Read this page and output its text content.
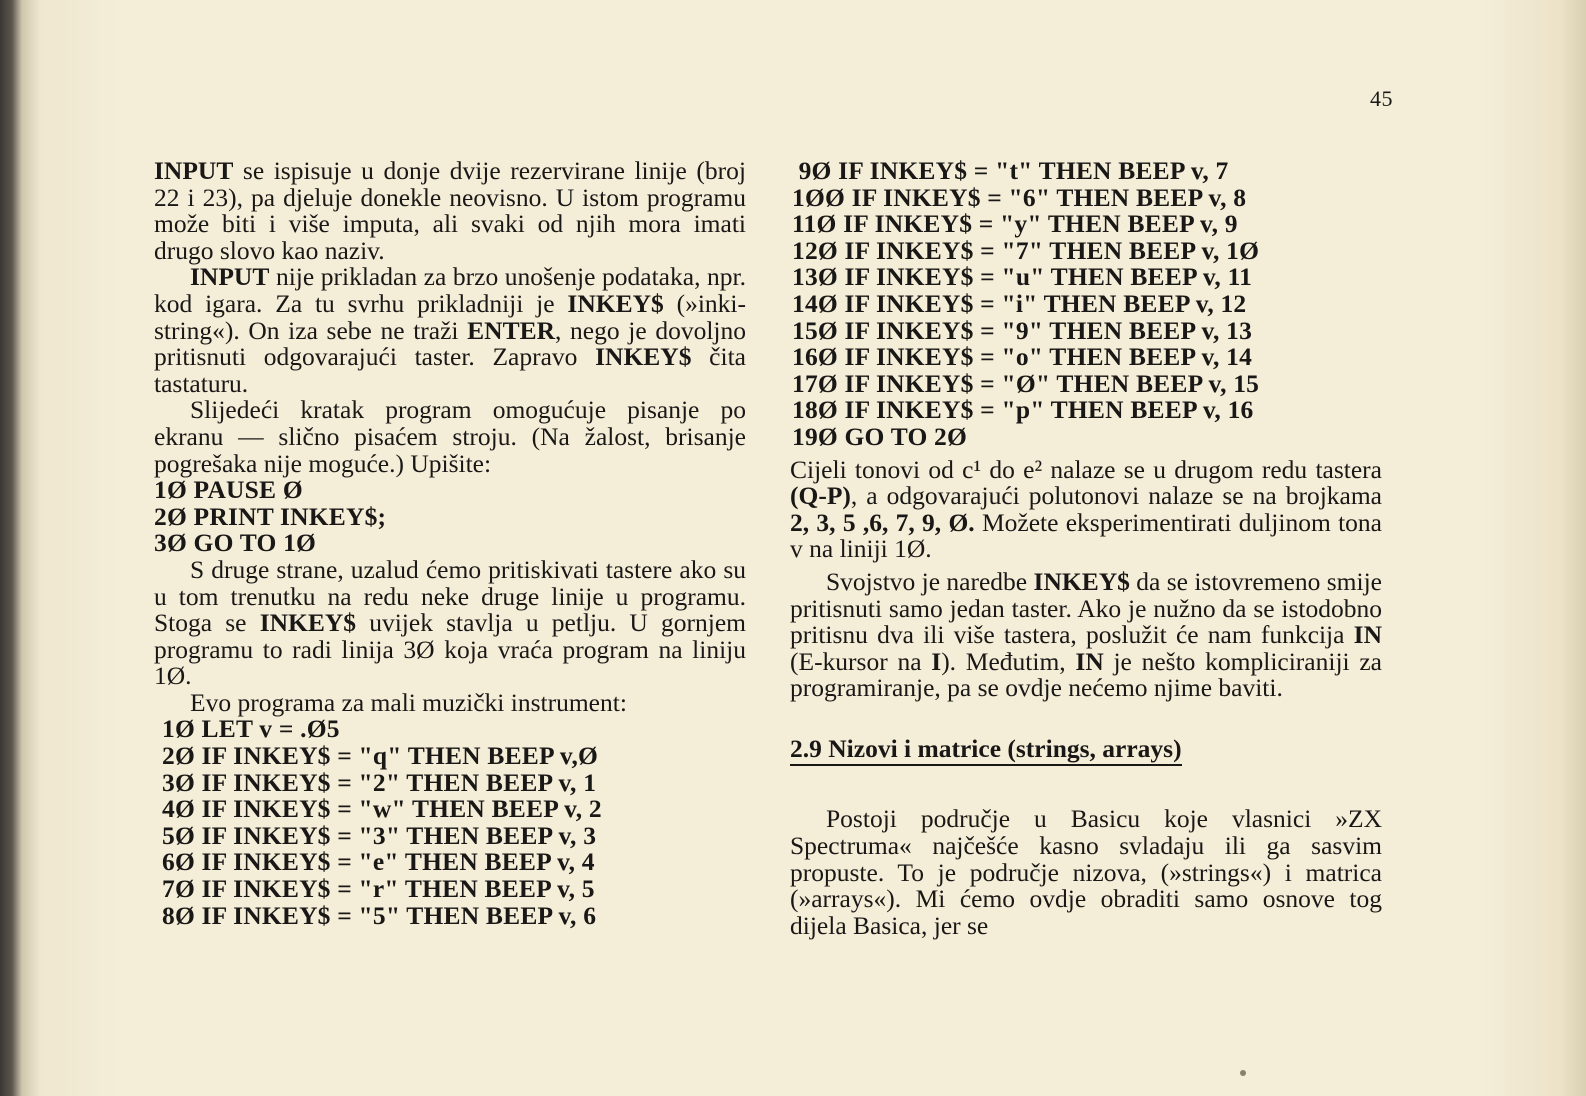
45

INPUT se ispisuje u donje dvije rezervirane linije (broj 22 i 23), pa djeluje donekle neovisno. U istom programu može biti i više imputa, ali svaki od njih mora imati drugo slovo kao naziv.

INPUT nije prikladan za brzo unošenje podataka, npr. kod igara. Za tu svrhu prikladniji je INKEY$ (»inki-string«). On iza sebe ne traži ENTER, nego je dovoljno pritisnuti odgovarajući taster. Zapravo INKEY$ čita tastaturu.

Slijedeći kratak program omogućuje pisanje po ekranu — slično pisaćem stroju. (Na žalost, brisanje pogrešaka nije moguće.) Upišite:

1Ø PAUSE Ø
2Ø PRINT INKEY$;
3Ø GO TO 1Ø

S druge strane, uzalud ćemo pritiskivati tastere ako su u tom trenutku na redu neke druge linije u programu. Stoga se INKEY$ uvijek stavlja u petlju. U gornjem programu to radi linija 3Ø koja vraća program na liniju 1Ø.

Evo programa za mali muzički instrument:

1Ø LET v = .Ø5
2Ø IF INKEY$ = "q" THEN BEEP v,Ø
3Ø IF INKEY$ = "2" THEN BEEP v, 1
4Ø IF INKEY$ = "w" THEN BEEP v, 2
5Ø IF INKEY$ = "3" THEN BEEP v, 3
6Ø IF INKEY$ = "e" THEN BEEP v, 4
7Ø IF INKEY$ = "r" THEN BEEP v, 5
8Ø IF INKEY$ = "5" THEN BEEP v, 6
9Ø IF INKEY$ = "t" THEN BEEP v, 7
1ØØ IF INKEY$ = "6" THEN BEEP v, 8
11Ø IF INKEY$ = "y" THEN BEEP v, 9
12Ø IF INKEY$ = "7" THEN BEEP v, 1Ø
13Ø IF INKEY$ = "u" THEN BEEP v, 11
14Ø IF INKEY$ = "i" THEN BEEP v, 12
15Ø IF INKEY$ = "9" THEN BEEP v, 13
16Ø IF INKEY$ = "o" THEN BEEP v, 14
17Ø IF INKEY$ = "Ø" THEN BEEP v, 15
18Ø IF INKEY$ = "p" THEN BEEP v, 16
19Ø GO TO 2Ø

Cijeli tonovi od c¹ do e² nalaze se u drugom redu tastera (Q-P), a odgovarajući polutonovi nalaze se na brojkama 2, 3, 5 ,6, 7, 9, Ø. Možete eksperimentirati duljinom tona v na liniji 1Ø.

Svojstvo je naredbe INKEY$ da se istovremeno smije pritisnuti samo jedan taster. Ako je nužno da se istodobno pritisnu dva ili više tastera, poslužit će nam funkcija IN (E-kursor na I). Međutim, IN je nešto kompliciraniji za programiranje, pa se ovdje nećemo njime baviti.

2.9 Nizovi i matrice (strings, arrays)

Postoji područje u Basicu koje vlasnici »ZX Spectruma« najčešće kasno svladaju ili ga sasvim propuste. To je područje nizova, (»strings«) i matrica (»arrays«). Mi ćemo ovdje obraditi samo osnove tog dijela Basica, jer se
